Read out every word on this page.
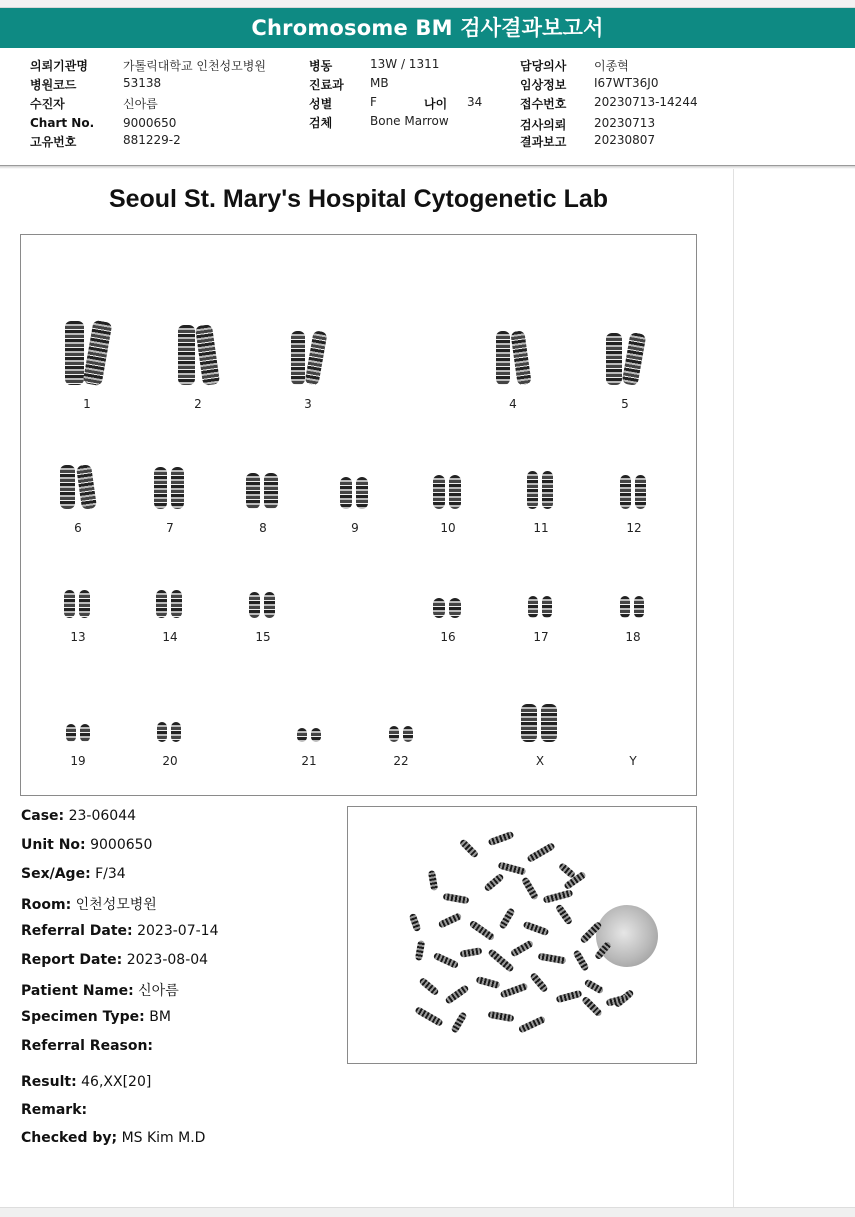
Chromosome BM 검사결과보고서
의뢰기관명	가톨릭대학교 인천성모병원
병원코드	53138
수진자	신아름
Chart No. 9000650
고유번호	881229-2
병동	13W / 1311
진료과 MB
성별	F	나이 34
검체	Bone Marrow
담당의사 이종혁
임상정보 I67WT36J0
접수번호 20230713-14244
검사의뢰 20230713
결과보고 20230807
Seoul St. Mary's Hospital Cytogenetic Lab
1	2	3	4	5
6	7	8	9	10	11	12
13	14	15	16	17	18
19	20	21	22	X	Y
Case: 23-06044
Unit No: 9000650
Sex/Age: F/34
Room: 인천성모병원
Referral Date: 2023-07-14
Report Date: 2023-08-04
Patient Name: 신아름
Specimen Type: BM
Referral Reason:
Result: 46,XX[20]
Remark:
Checked by; MS Kim M.D
